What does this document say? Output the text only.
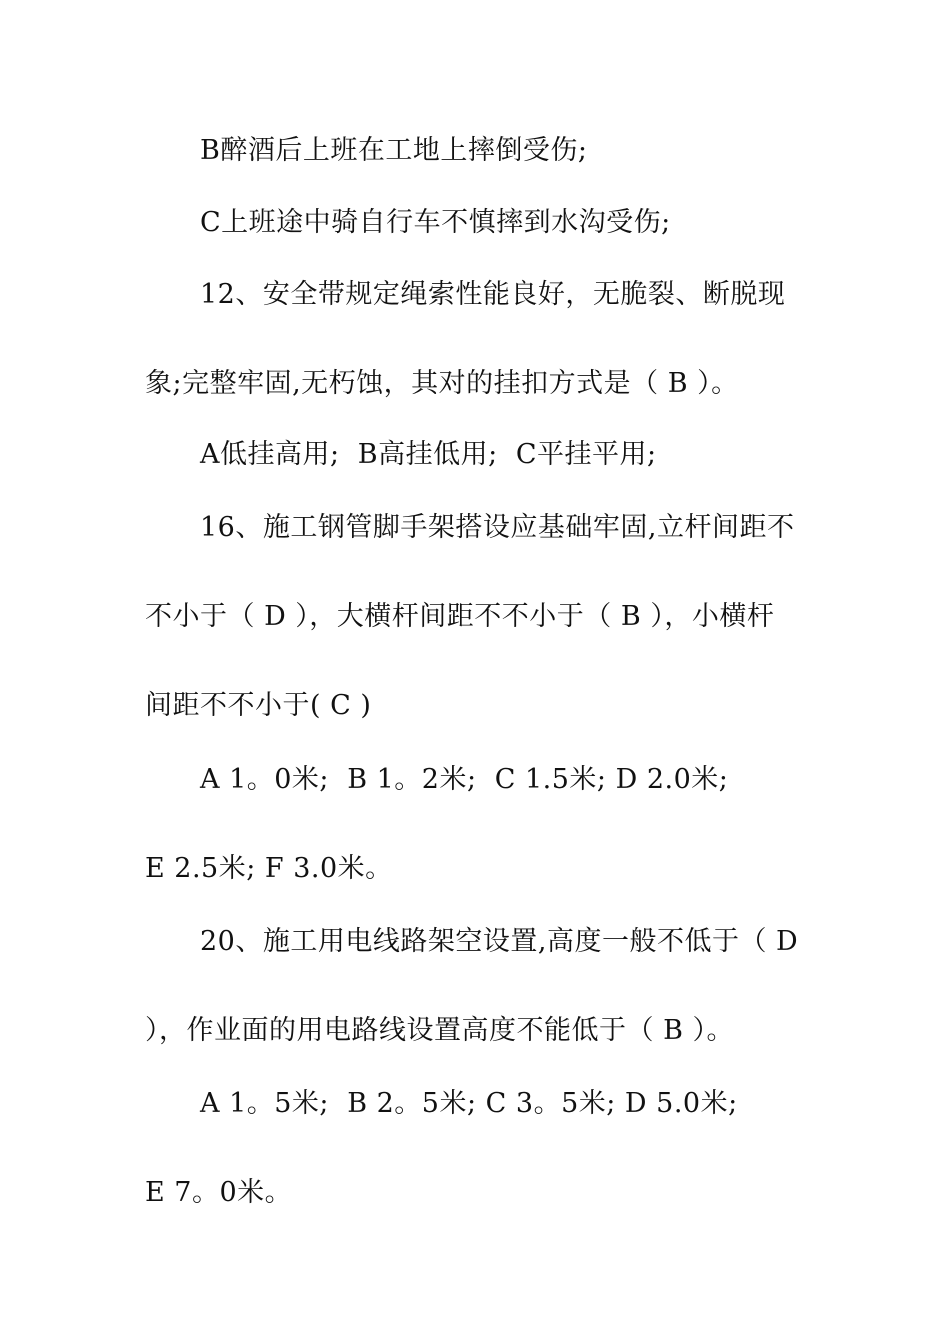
B醉酒后上班在工地上摔倒受伤;
C上班途中骑自行车不慎摔到水沟受伤;
12、安全带规定绳索性能良好，无脆裂、断脱现
象;完整牢固,无朽蚀，其对的挂扣方式是（ B ）。
A低挂高用;  B高挂低用;  C平挂平用;
16、施工钢管脚手架搭设应基础牢固,立杆间距不
不小于（ D ），大横杆间距不不小于（ B ），小横杆
间距不不小于( C )
A 1。0米;  B 1。2米;  C 1.5米; D 2.0米;
E 2.5米; F 3.0米。
20、施工用电线路架空设置,高度一般不低于（ D
），作业面的用电路线设置高度不能低于（ B ）。
A 1。5米;  B 2。5米; C 3。5米; D 5.0米;
E 7。0米。
